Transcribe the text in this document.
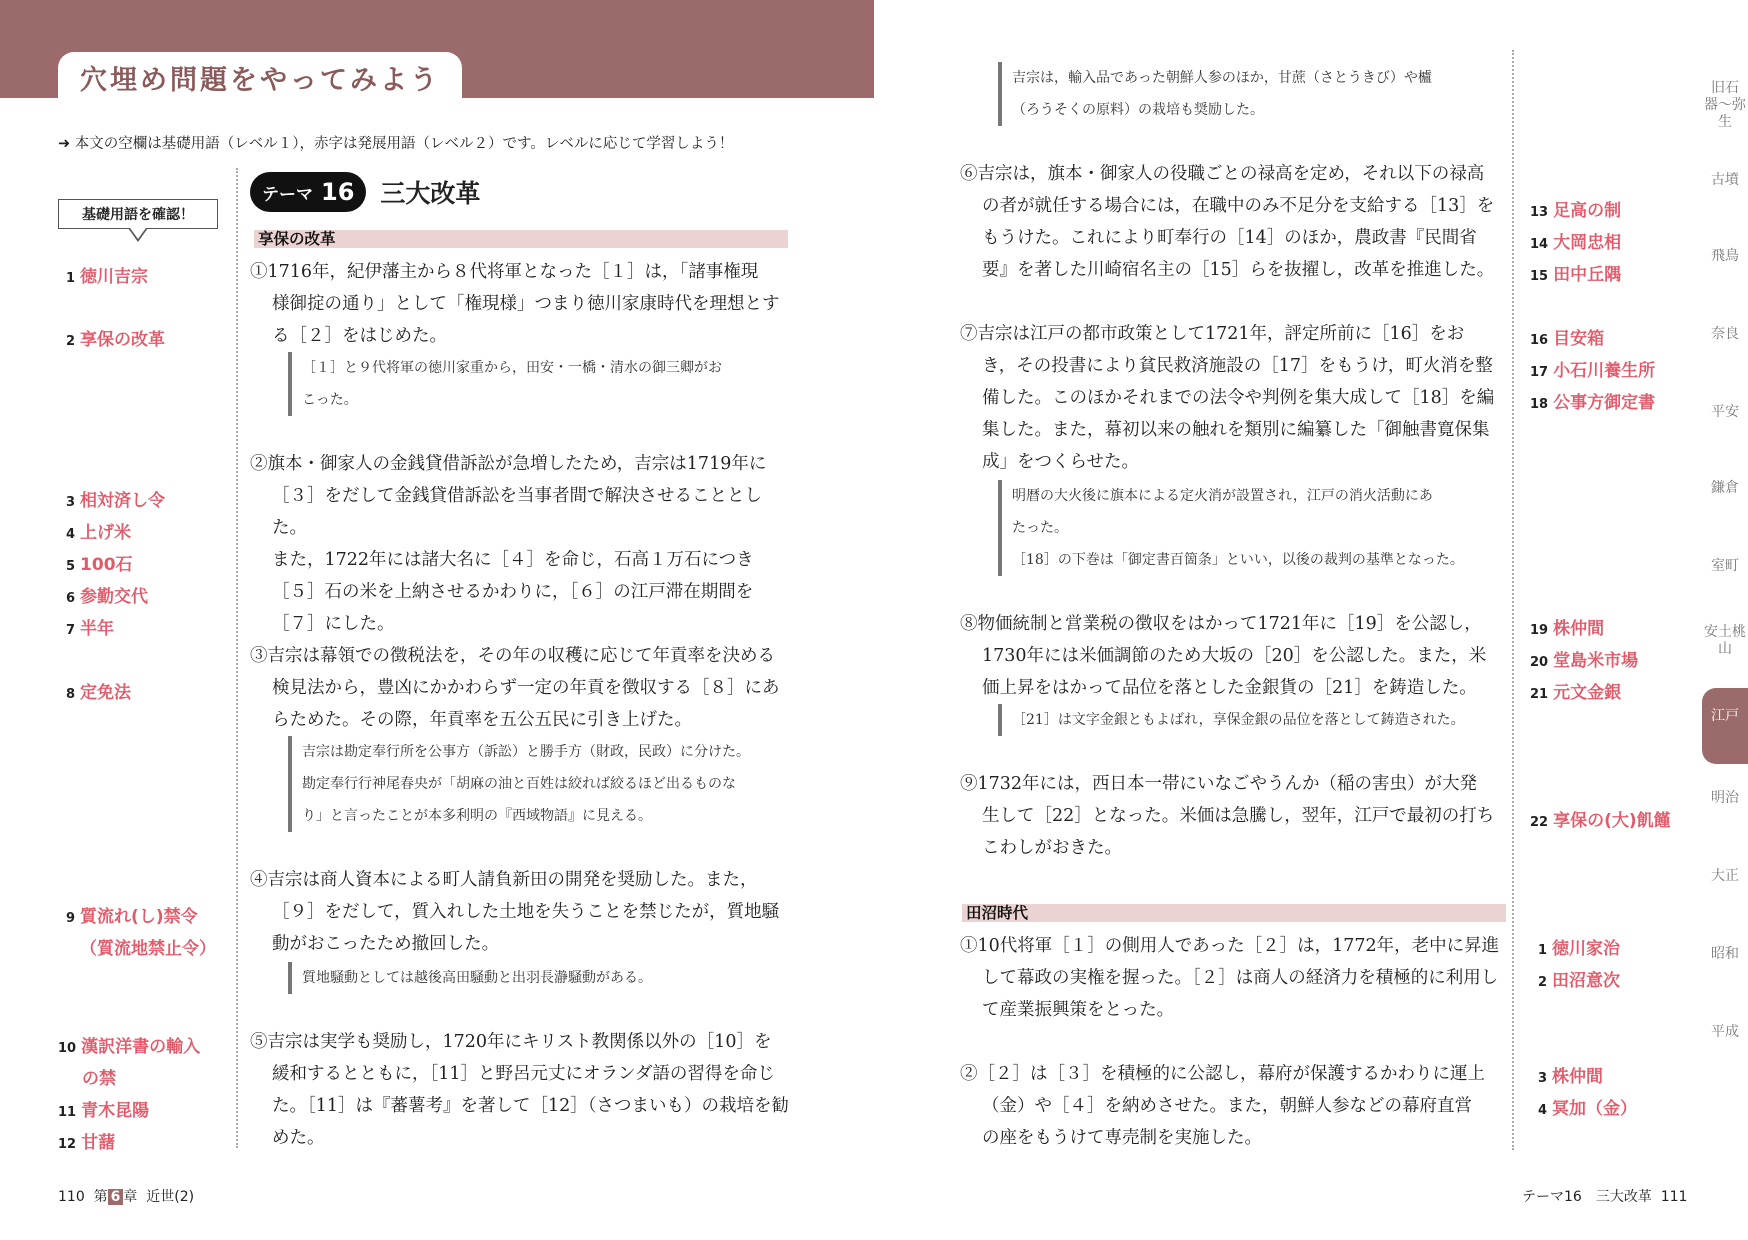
穴埋め問題をやってみよう
➜ 本文の空欄は基礎用語（レベル１），赤字は発展用語（レベル２）です。レベルに応じて学習しよう！
基礎用語を確認！
1 徳川吉宗
2 享保の改革
3 相対済し令
4 上げ米
5 100石
6 参勤交代
7 半年
8 定免法
9 質流れ(し)禁令
（質流地禁止令）
10 漢訳洋書の輸入
の禁
11 青木昆陽
12 甘藷
テーマ 16 三大改革
享保の改革
①1716年，紀伊藩主から８代将軍となった［１］は，「諸事権現
様御掟の通り」として「権現様」つまり徳川家康時代を理想とす
る［２］をはじめた。
［１］と９代将軍の徳川家重から，田安・一橋・清水の御三卿がお
こった。
②旗本・御家人の金銭貸借訴訟が急増したため，吉宗は1719年に
［３］をだして金銭貸借訴訟を当事者間で解決させることとした。
また，1722年には諸大名に［４］を命じ，石高１万石につき
［５］石の米を上納させるかわりに，［６］の江戸滞在期間を
［７］にした。
③吉宗は幕領での徴税法を，その年の収穫に応じて年貢率を決める
検見法から，豊凶にかかわらず一定の年貢を徴収する［８］にあ
らためた。その際，年貢率を五公五民に引き上げた。
吉宗は勘定奉行所を公事方（訴訟）と勝手方（財政，民政）に分けた。
勘定奉行行神尾春央が「胡麻の油と百姓は絞れば絞るほど出るものな
り」と言ったことが本多利明の『西域物語』に見える。
④吉宗は商人資本による町人請負新田の開発を奨励した。また，
［９］をだして，質入れした土地を失うことを禁じたが，質地騒
動がおこったため撤回した。
質地騒動としては越後高田騒動と出羽長瀞騒動がある。
⑤吉宗は実学も奨励し，1720年にキリスト教関係以外の［10］を
緩和するとともに，［11］と野呂元丈にオランダ語の習得を命じ
た。［11］は『蕃薯考』を著して［12］（さつまいも）の栽培を勧
めた。
吉宗は，輸入品であった朝鮮人参のほか，甘蔗（さとうきび）や櫨
（ろうそくの原料）の栽培も奨励した。
⑥吉宗は，旗本・御家人の役職ごとの禄高を定め，それ以下の禄高
の者が就任する場合には，在職中のみ不足分を支給する［13］を
もうけた。これにより町奉行の［14］のほか，農政書『民間省
要』を著した川崎宿名主の［15］らを抜擢し，改革を推進した。
⑦吉宗は江戸の都市政策として1721年，評定所前に［16］をお
き，その投書により貧民救済施設の［17］をもうけ，町火消を整
備した。このほかそれまでの法令や判例を集大成して［18］を編
集した。また，幕初以来の触れを類別に編纂した「御触書寛保集
成」をつくらせた。
明暦の大火後に旗本による定火消が設置され，江戸の消火活動にあ
たった。
［18］の下巻は「御定書百箇条」といい，以後の裁判の基準となった。
⑧物価統制と営業税の徴収をはかって1721年に［19］を公認し，
1730年には米価調節のため大坂の［20］を公認した。また，米
価上昇をはかって品位を落とした金銀貨の［21］を鋳造した。
［21］は文字金銀ともよばれ，享保金銀の品位を落として鋳造された。
⑨1732年には，西日本一帯にいなごやうんか（稲の害虫）が大発
生して［22］となった。米価は急騰し，翌年，江戸で最初の打ち
こわしがおきた。
田沼時代
①10代将軍［１］の側用人であった［２］は，1772年，老中に昇進
して幕政の実権を握った。［２］は商人の経済力を積極的に利用し
て産業振興策をとった。
②［２］は［３］を積極的に公認し，幕府が保護するかわりに運上
（金）や［４］を納めさせた。また，朝鮮人参などの幕府直営
の座をもうけて専売制を実施した。
13 足高の制
14 大岡忠相
15 田中丘隅
16 目安箱
17 小石川養生所
18 公事方御定書
19 株仲間
20 堂島米市場
21 元文金銀
22 享保の(大)飢饉
1 徳川家治
2 田沼意次
3 株仲間
4 冥加（金）
旧石器〜弥生
古墳
飛鳥
奈良
平安
鎌倉
室町
安土桃山
江戸
明治
大正
昭和
平成
110 第 6 章 近世(2)	テーマ16　三大改革 111
